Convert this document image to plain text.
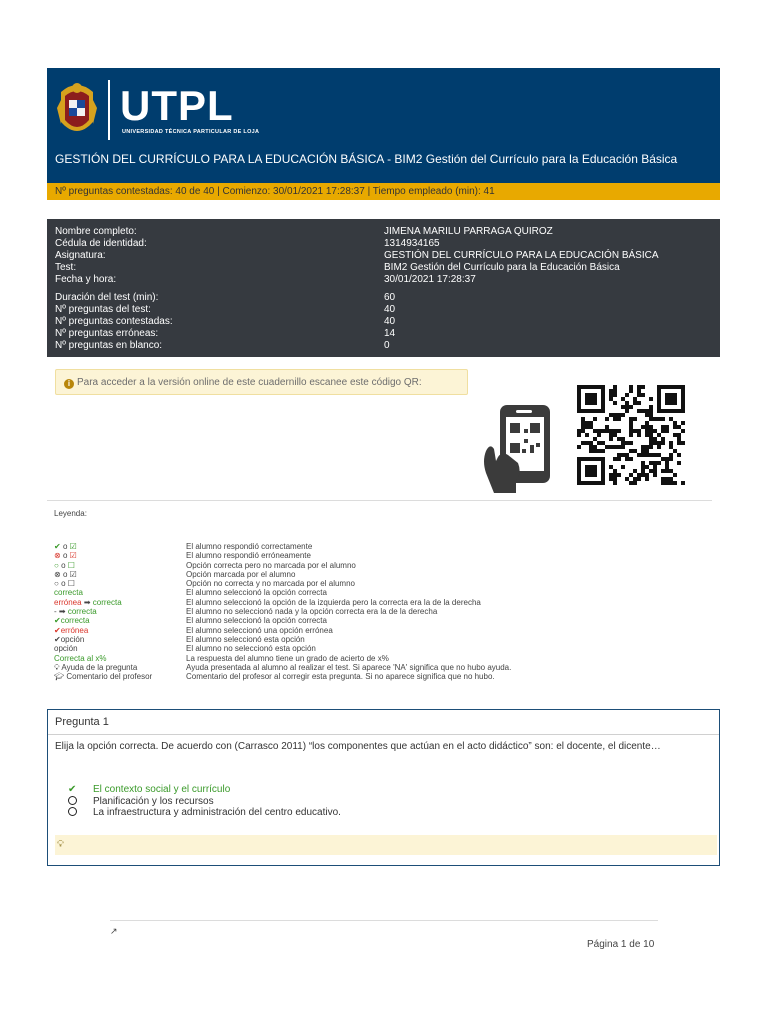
UTPL
UNIVERSIDAD TÉCNICA PARTICULAR DE LOJA
GESTIÓN DEL CURRÍCULO PARA LA EDUCACIÓN BÁSICA - BIM2 Gestión del Currículo para la Educación Básica
Nº preguntas contestadas: 40 de 40 | Comienzo: 30/01/2021 17:28:37 | Tiempo empleado (min): 41
Nombre completo:	JIMENA MARILU PARRAGA QUIROZ
Cédula de identidad:	1314934165
Asignatura:	GESTIÓN DEL CURRÍCULO PARA LA EDUCACIÓN BÁSICA
Test:	BIM2 Gestión del Currículo para la Educación Básica
Fecha y hora:	30/01/2021 17:28:37
Duración del test (min):	60
Nº preguntas del test:	40
Nº preguntas contestadas:	40
Nº preguntas erróneas:	14
Nº preguntas en blanco:	0
i Para acceder a la versión online de este cuadernillo escanee este código QR:
Leyenda:
✔ o ☑	El alumno respondió correctamente
⊗ o ☑	El alumno respondió erróneamente
○ o ☐	Opción correcta pero no marcada por el alumno
⊗ o ☑	Opción marcada por el alumno
○ o ☐	Opción no correcta y no marcada por el alumno
correcta	El alumno seleccionó la opción correcta
errónea ➡ correcta	El alumno seleccionó la opción de la izquierda pero la correcta era la de la derecha
- ➡ correcta	El alumno no seleccionó nada y la opción correcta era la de la derecha
✔correcta	El alumno seleccionó la opción correcta
✔errónea	El alumno seleccionó una opción errónea
✔opción	El alumno seleccionó esta opción
opción	El alumno no seleccionó esta opción
Correcta al x%	La respuesta del alumno tiene un grado de acierto de x%
💡︎ Ayuda de la pregunta	Ayuda presentada al alumno al realizar el test. Si aparece 'NA' significa que no hubo ayuda.
🎓︎ Comentario del profesor	Comentario del profesor al corregir esta pregunta. Si no aparece significa que no hubo.
Pregunta 1
Elija la opción correcta. De acuerdo con (Carrasco 2011) “los componentes que actúan en el acto didáctico” son: el docente, el dicente…
✔ El contexto social y el currículo
Planificación y los recursos
La infraestructura y administración del centro educativo.
💡︎
↗
Página 1 de 10
